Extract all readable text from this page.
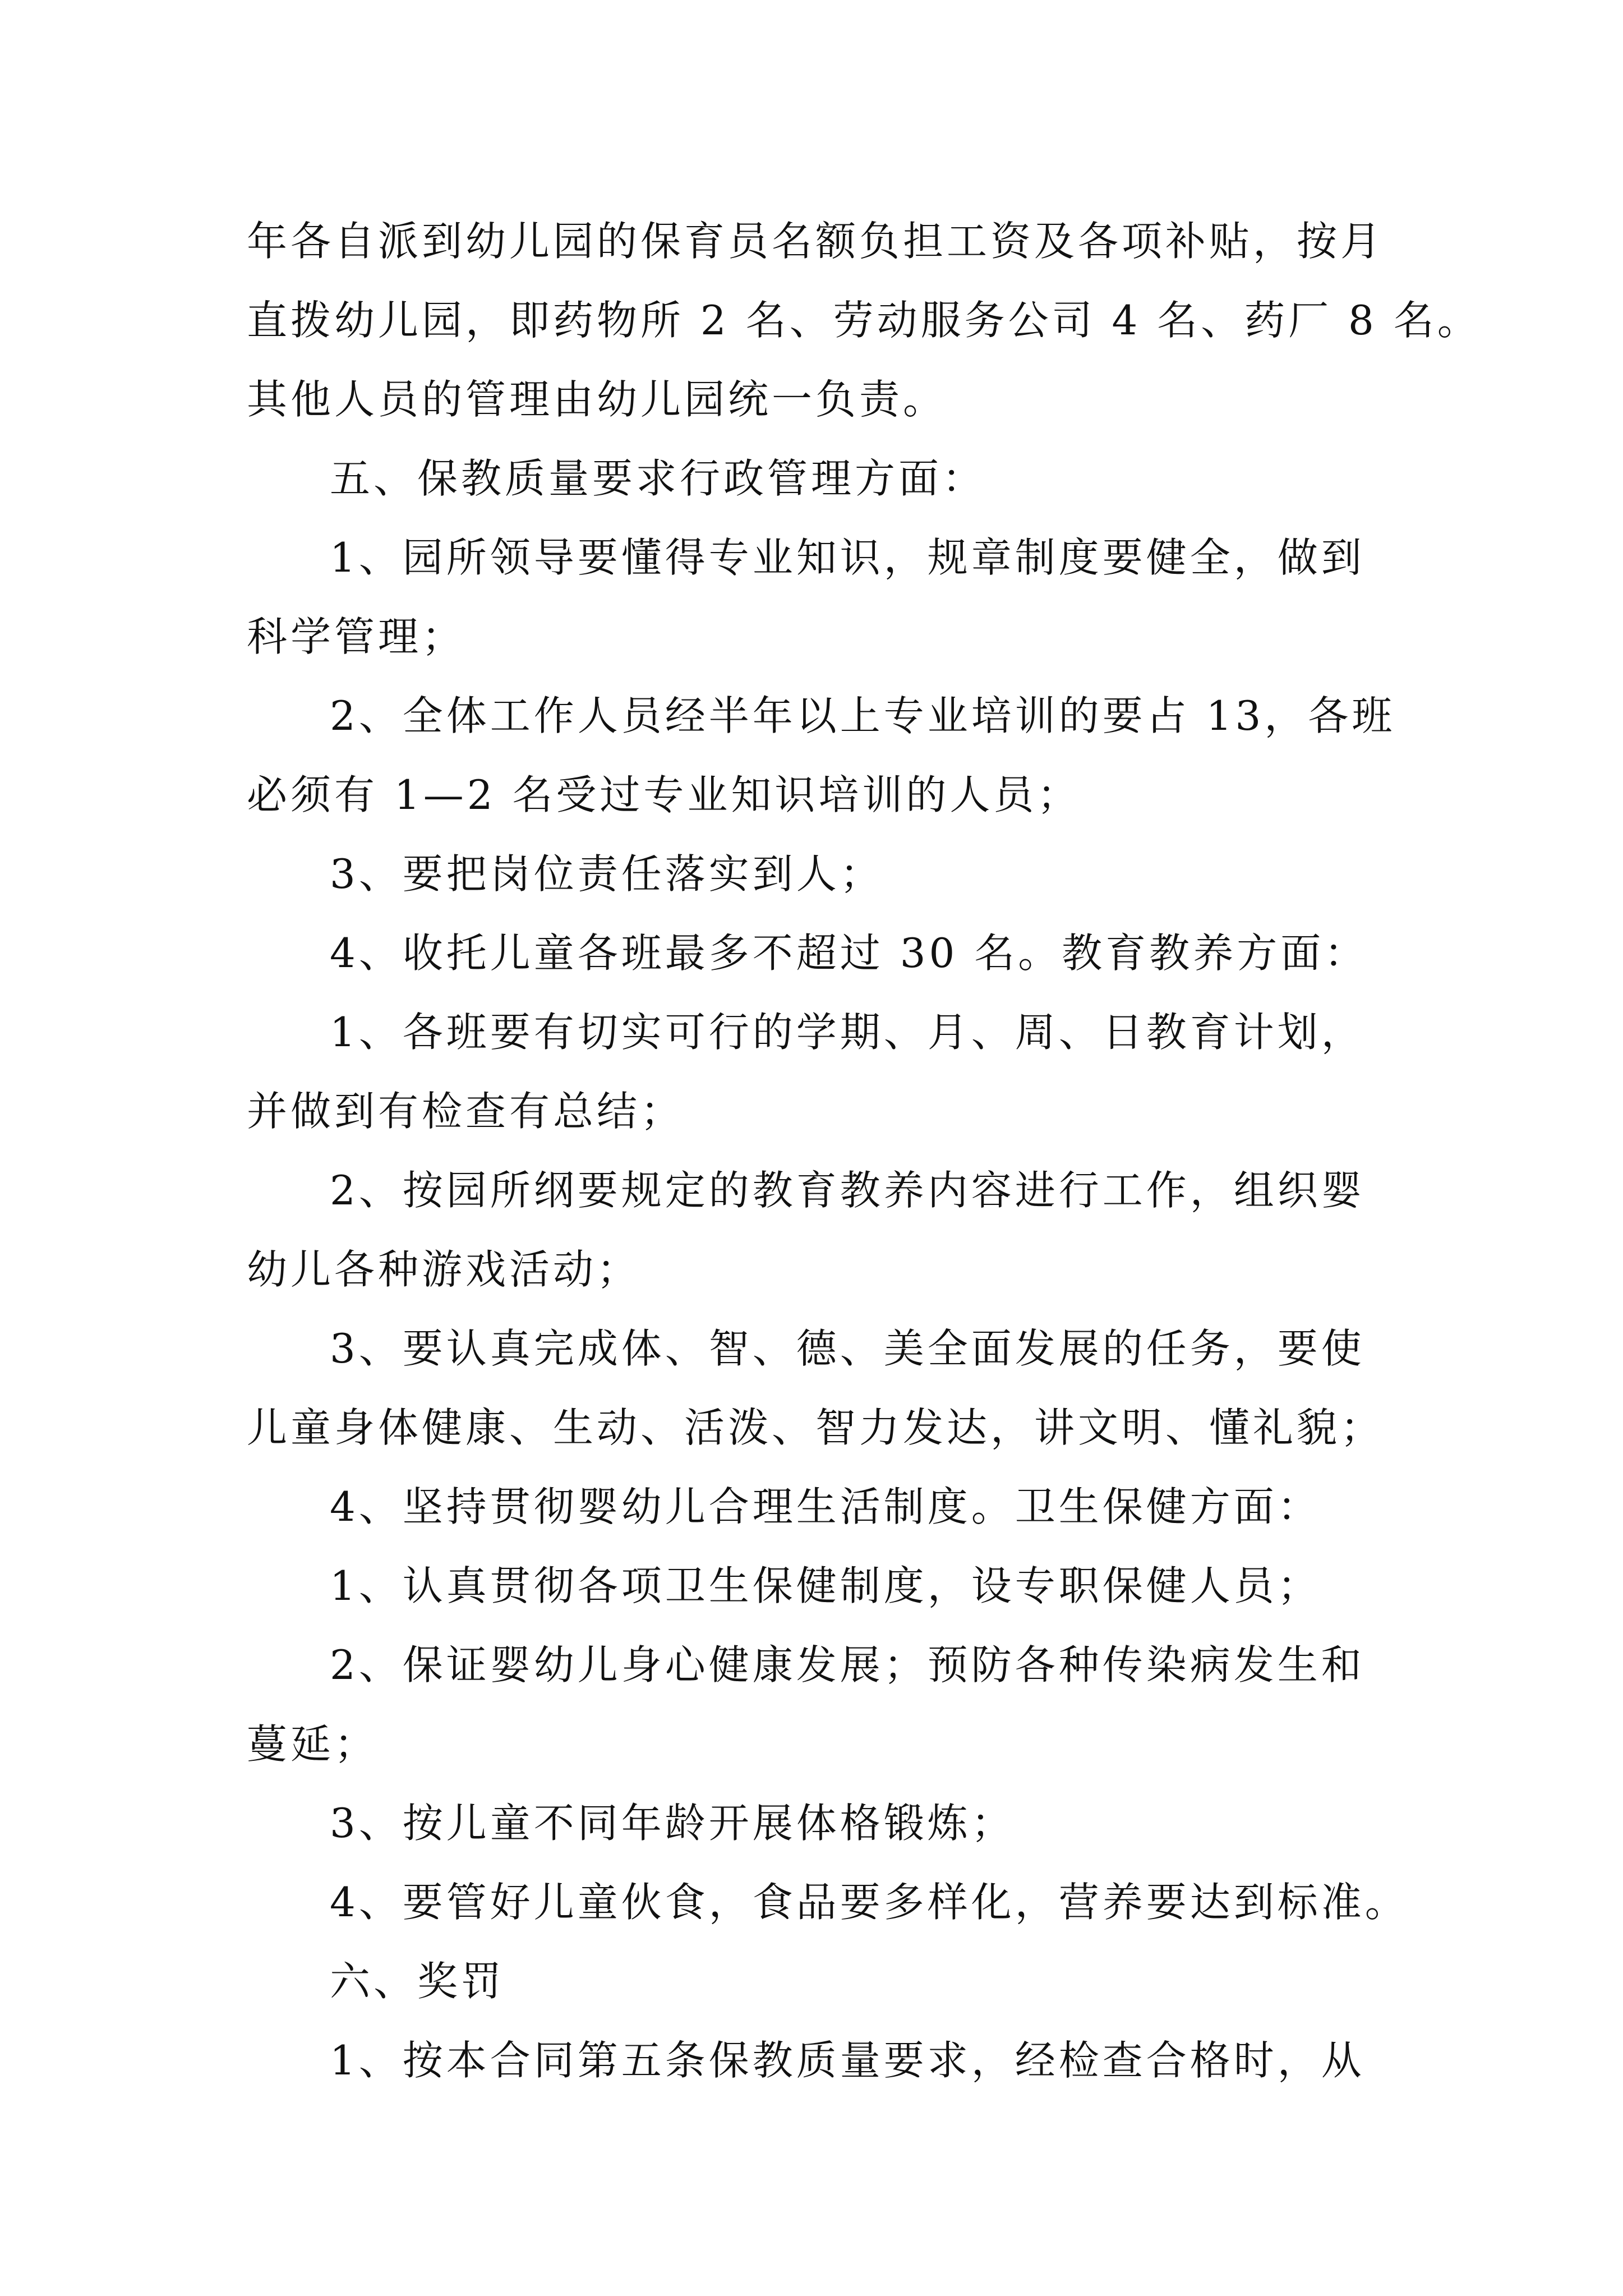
年各自派到幼儿园的保育员名额负担工资及各项补贴，按月
直拨幼儿园，即药物所 2 名、劳动服务公司 4 名、药厂 8 名。
其他人员的管理由幼儿园统一负责。
五、保教质量要求行政管理方面：
1、园所领导要懂得专业知识，规章制度要健全，做到
科学管理；
2、全体工作人员经半年以上专业培训的要占 13，各班
必须有 1—2 名受过专业知识培训的人员；
3、要把岗位责任落实到人；
4、收托儿童各班最多不超过 30 名。教育教养方面：
1、各班要有切实可行的学期、月、周、日教育计划，
并做到有检查有总结；
2、按园所纲要规定的教育教养内容进行工作，组织婴
幼儿各种游戏活动；
3、要认真完成体、智、德、美全面发展的任务，要使
儿童身体健康、生动、活泼、智力发达，讲文明、懂礼貌；
4、坚持贯彻婴幼儿合理生活制度。卫生保健方面：
1、认真贯彻各项卫生保健制度，设专职保健人员；
2、保证婴幼儿身心健康发展；预防各种传染病发生和
蔓延；
3、按儿童不同年龄开展体格锻炼；
4、要管好儿童伙食，食品要多样化，营养要达到标准。
六、奖罚
1、按本合同第五条保教质量要求，经检查合格时，从
